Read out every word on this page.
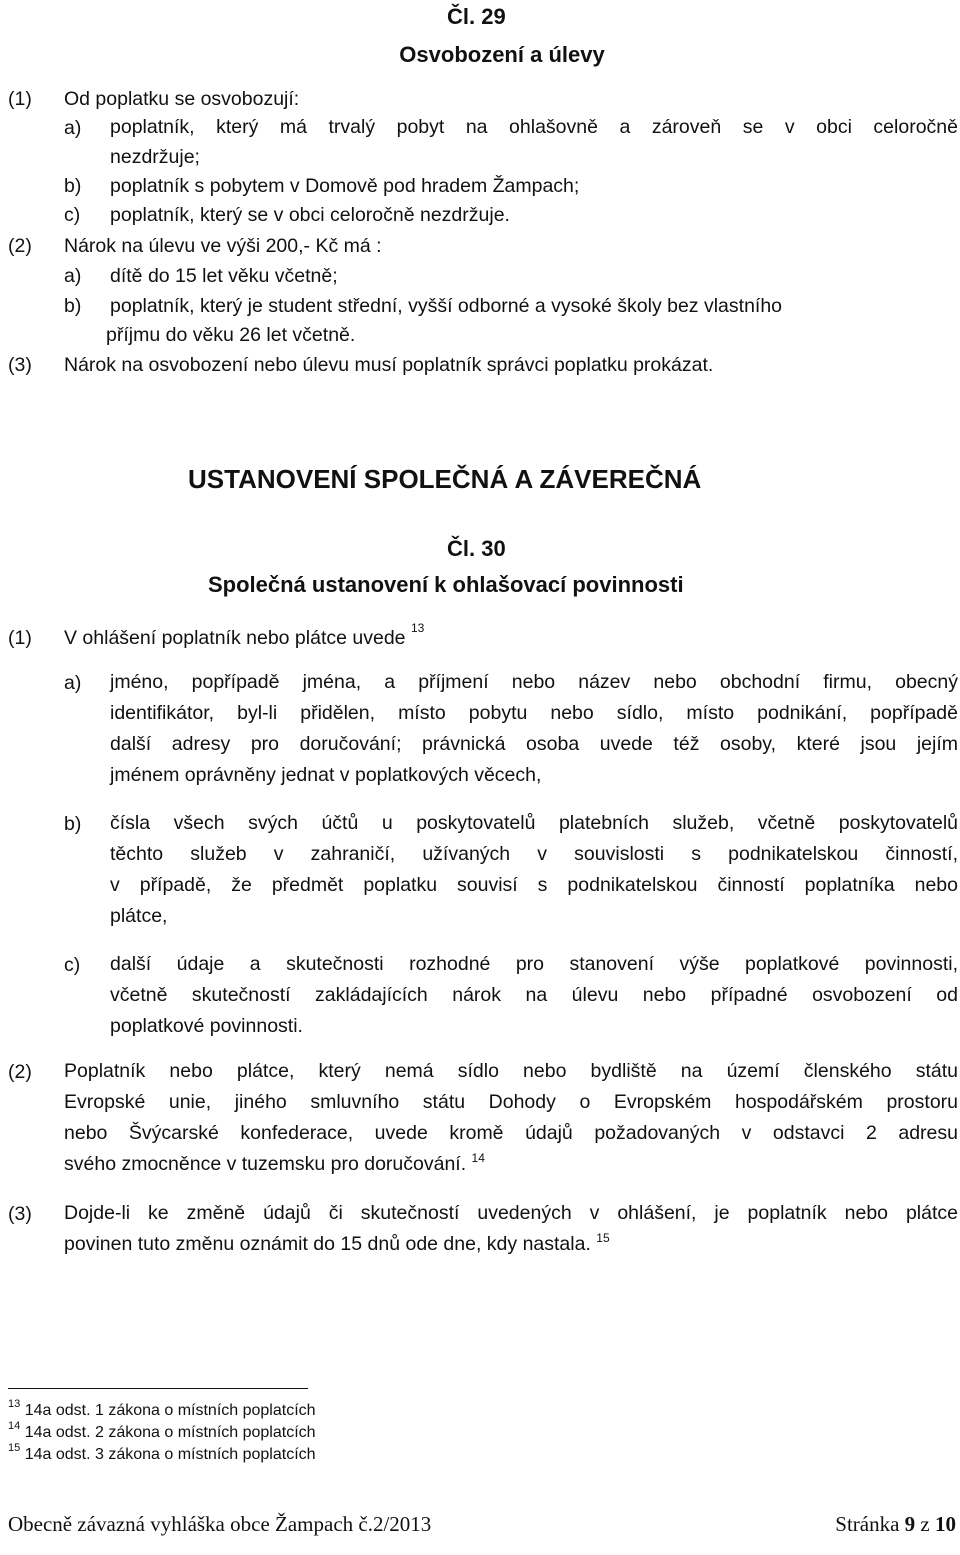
Čl. 29
Osvobození a úlevy
(1) Od poplatku se osvobozují:
a) poplatník, který má trvalý pobyt na ohlašovně a zároveň se v obci celoročně
nezdržuje;
b) poplatník s pobytem v Domově pod hradem Žampach;
c) poplatník, který se v obci celoročně nezdržuje.
(2) Nárok na úlevu ve výši 200,- Kč má :
a) dítě do 15 let věku včetně;
b) poplatník, který je student střední, vyšší odborné a vysoké školy bez vlastního
příjmu do věku 26 let včetně.
(3) Nárok na osvobození nebo úlevu musí poplatník správci poplatku prokázat.
USTANOVENÍ SPOLEČNÁ A ZÁVEREČNÁ
Čl. 30
Společná ustanovení k ohlašovací povinnosti
(1) V ohlášení poplatník nebo plátce uvede $^{13}$
a) jméno, popřípadě jména, a příjmení nebo název nebo obchodní firmu, obecný
identifikátor, byl-li přidělen, místo pobytu nebo sídlo, místo podnikání, popřípadě
další adresy pro doručování; právnická osoba uvede též osoby, které jsou jejím
jménem oprávněny jednat v poplatkových věcech,
b) čísla všech svých účtů u poskytovatelů platebních služeb, včetně poskytovatelů
těchto služeb v zahraničí, užívaných v souvislosti s podnikatelskou činností,
v případě, že předmět poplatku souvisí s podnikatelskou činností poplatníka nebo
plátce,
c) další údaje a skutečnosti rozhodné pro stanovení výše poplatkové povinnosti,
včetně skutečností zakládajících nárok na úlevu nebo případné osvobození od
poplatkové povinnosti.
(2) Poplatník nebo plátce, který nemá sídlo nebo bydliště na území členského státu
Evropské unie, jiného smluvního státu Dohody o Evropském hospodářském prostoru
nebo Švýcarské konfederace, uvede kromě údajů požadovaných v odstavci 2 adresu
svého zmocněnce v tuzemsku pro doručování. $^{14}$
(3) Dojde-li ke změně údajů či skutečností uvedených v ohlášení, je poplatník nebo plátce
povinen tuto změnu oznámit do 15 dnů ode dne, kdy nastala. $^{15}$
$^{13}$ 14a odst. 1 zákona o místních poplatcích
$^{14}$ 14a odst. 2 zákona o místních poplatcích
$^{15}$ 14a odst. 3 zákona o místních poplatcích
Obecně závazná vyhláška obce Žampach č.2/2013	Stránka 9 z 10
